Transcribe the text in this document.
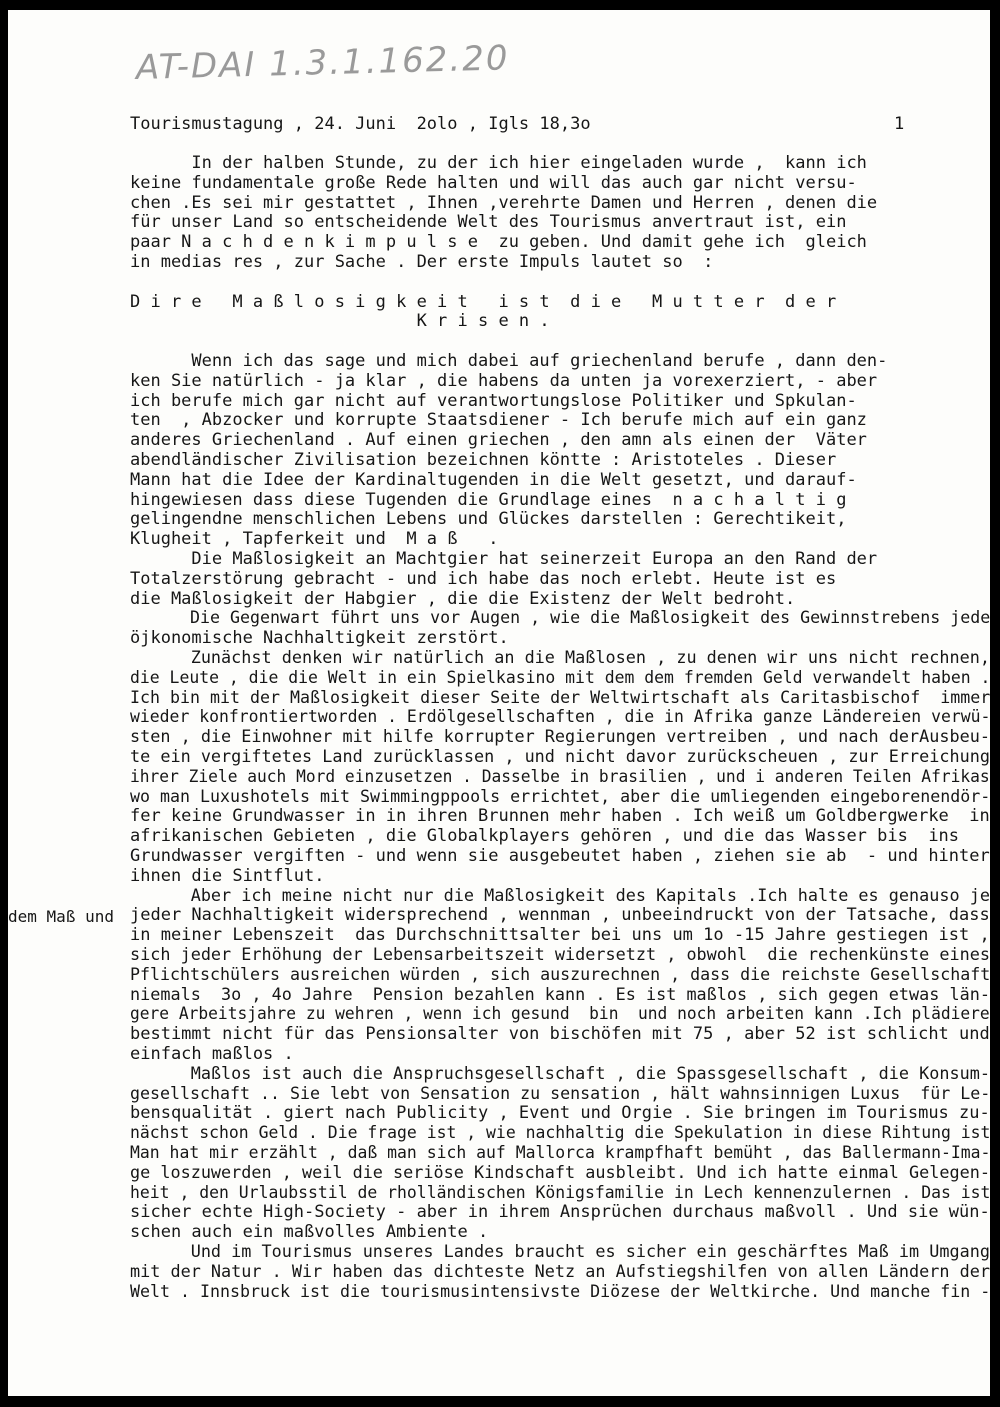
AT-DAI 1.3.1.162.20
Tourismustagung , 24. Juni  2olo , Igls 18,3o	1
In der halben Stunde, zu der ich hier eingeladen wurde ,  kann ich
keine fundamentale große Rede halten und will das auch gar nicht versu-
chen .Es sei mir gestattet , Ihnen ,verehrte Damen und Herren , denen die
für unser Land so entscheidende Welt des Tourismus anvertraut ist, ein
paar N a c h d e n k i m p u l s e  zu geben. Und damit gehe ich  gleich
in medias res , zur Sache . Der erste Impuls lautet so  :
D i r e   M a ß l o s i g k e i t   i s t  d i e   M u t t e r  d e r
K r i s e n .
Wenn ich das sage und mich dabei auf griechenland berufe , dann den-
ken Sie natürlich - ja klar , die habens da unten ja vorexerziert, - aber
ich berufe mich gar nicht auf verantwortungslose Politiker und Spkulan-
ten  , Abzocker und korrupte Staatsdiener - Ich berufe mich auf ein ganz
anderes Griechenland . Auf einen griechen , den amn als einen der  Väter
abendländischer Zivilisation bezeichnen köntte : Aristoteles . Dieser
Mann hat die Idee der Kardinaltugenden in die Welt gesetzt, und darauf-
hingewiesen dass diese Tugenden die Grundlage eines  n a c h a l t i g
gelingendne menschlichen Lebens und Glückes darstellen : Gerechtikeit,
Klugheit , Tapferkeit und  M a ß   .
Die Maßlosigkeit an Machtgier hat seinerzeit Europa an den Rand der
Totalzerstörung gebracht - und ich habe das noch erlebt. Heute ist es
die Maßlosigkeit der Habgier , die die Existenz der Welt bedroht.
Die Gegenwart führt uns vor Augen , wie die Maßlosigkeit des Gewinnstrebens jede
öjkonomische Nachhaltigkeit zerstört.
Zunächst denken wir natürlich an die Maßlosen , zu denen wir uns nicht rechnen,
die Leute , die die Welt in ein Spielkasino mit dem dem fremden Geld verwandelt haben .
Ich bin mit der Maßlosigkeit dieser Seite der Weltwirtschaft als Caritasbischof  immer
wieder konfrontiertworden . Erdölgesellschaften , die in Afrika ganze Ländereien verwü-
sten , die Einwohner mit hilfe korrupter Regierungen vertreiben , und nach derAusbeu-
te ein vergiftetes Land zurücklassen , und nicht davor zurückscheuen , zur Erreichung
ihrer Ziele auch Mord einzusetzen . Dasselbe in brasilien , und i anderen Teilen Afrikas
wo man Luxushotels mit Swimmingppools errichtet, aber die umliegenden eingeborenendör-
fer keine Grundwasser in in ihren Brunnen mehr haben . Ich weiß um Goldbergwerke  in
afrikanischen Gebieten , die Globalkplayers gehören , und die das Wasser bis  ins
Grundwasser vergiften - und wenn sie ausgebeutet haben , ziehen sie ab  - und hinter
ihnen die Sintflut.
Aber ich meine nicht nur die Maßlosigkeit des Kapitals .Ich halte es genauso je
jeder Nachhaltigkeit widersprechend , wennman , unbeeindruckt von der Tatsache, dass
in meiner Lebenszeit  das Durchschnittsalter bei uns um 1o -15 Jahre gestiegen ist ,
sich jeder Erhöhung der Lebensarbeitszeit widersetzt , obwohl  die rechenkünste eines
Pflichtschülers ausreichen würden , sich auszurechnen , dass die reichste Gesellschaft
niemals  3o , 4o Jahre  Pension bezahlen kann . Es ist maßlos , sich gegen etwas län-
gere Arbeitsjahre zu wehren , wenn ich gesund  bin  und noch arbeiten kann .Ich plädiere
bestimmt nicht für das Pensionsalter von bischöfen mit 75 , aber 52 ist schlicht und
einfach maßlos .
Maßlos ist auch die Anspruchsgesellschaft , die Spassgesellschaft , die Konsum-
gesellschaft .. Sie lebt von Sensation zu sensation , hält wahnsinnigen Luxus  für Le-
bensqualität . giert nach Publicity , Event und Orgie . Sie bringen im Tourismus zu-
nächst schon Geld . Die frage ist , wie nachhaltig die Spekulation in diese Rihtung ist
Man hat mir erzählt , daß man sich auf Mallorca krampfhaft bemüht , das Ballermann-Ima-
ge loszuwerden , weil die seriöse Kindschaft ausbleibt. Und ich hatte einmal Gelegen-
heit , den Urlaubsstil de rholländischen Königsfamilie in Lech kennenzulernen . Das ist
sicher echte High-Society - aber in ihrem Ansprüchen durchaus maßvoll . Und sie wün-
schen auch ein maßvolles Ambiente .
Und im Tourismus unseres Landes braucht es sicher ein geschärftes Maß im Umgang
mit der Natur . Wir haben das dichteste Netz an Aufstiegshilfen von allen Ländern der
Welt . Innsbruck ist die tourismusintensivste Diözese der Weltkirche. Und manche fin -
dem Maß und
